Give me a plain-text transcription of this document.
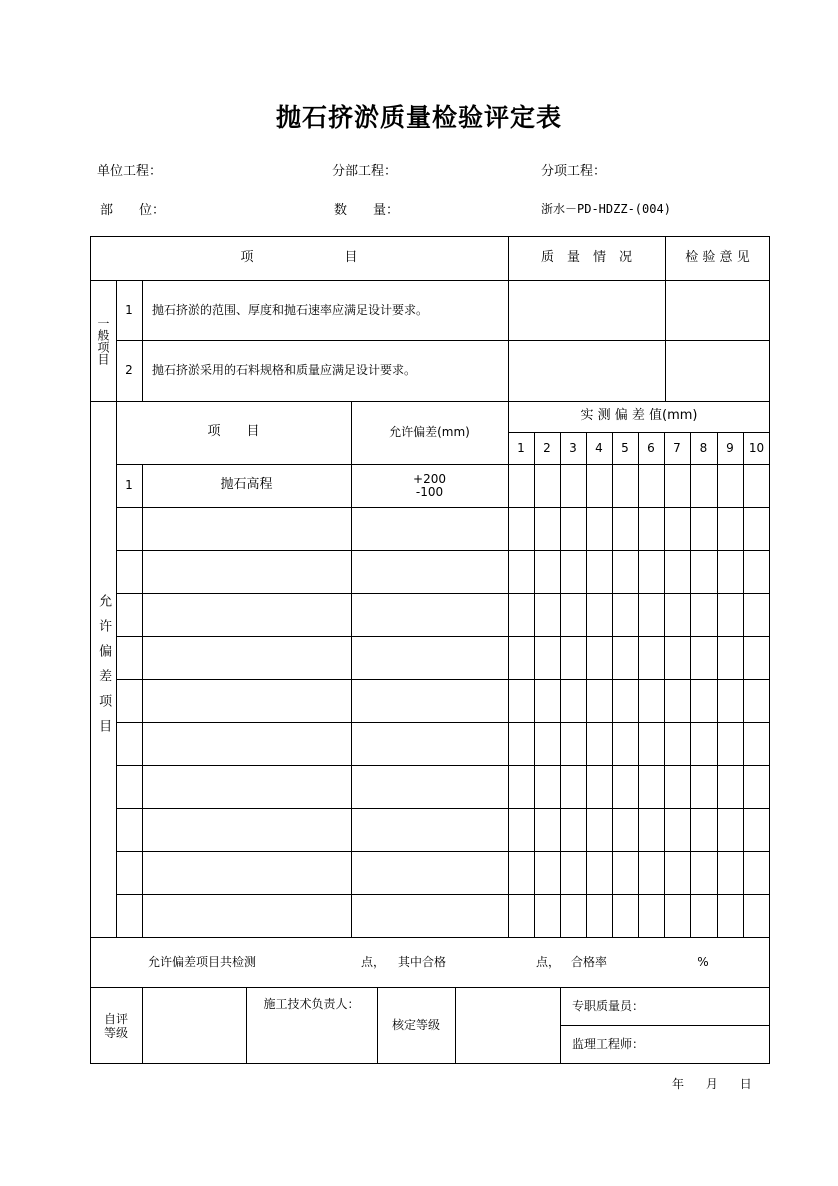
抛石挤淤质量检验评定表
单位工程：	分部工程：	分项工程：
部　　位：	数　　量：	浙水－PD-HDZZ-(004)
项　　　　　　　目	质　量　情　况	检 验 意 见
一般项目
1	抛石挤淤的范围、厚度和抛石速率应满足设计要求。
2	抛石挤淤采用的石料规格和质量应满足设计要求。
允许偏差项目
项　　目	允许偏差(mm)
实 测 偏 差 值(mm)
1	2	3	4	5	6	7	8	9	10
1	抛石高程	+200
-100
允许偏差项目共检测	点，	其中合格	点， 合格率	%
自评等级
施工技术负责人：
核定等级
专职质量员：
监理工程师：
年 月 日
